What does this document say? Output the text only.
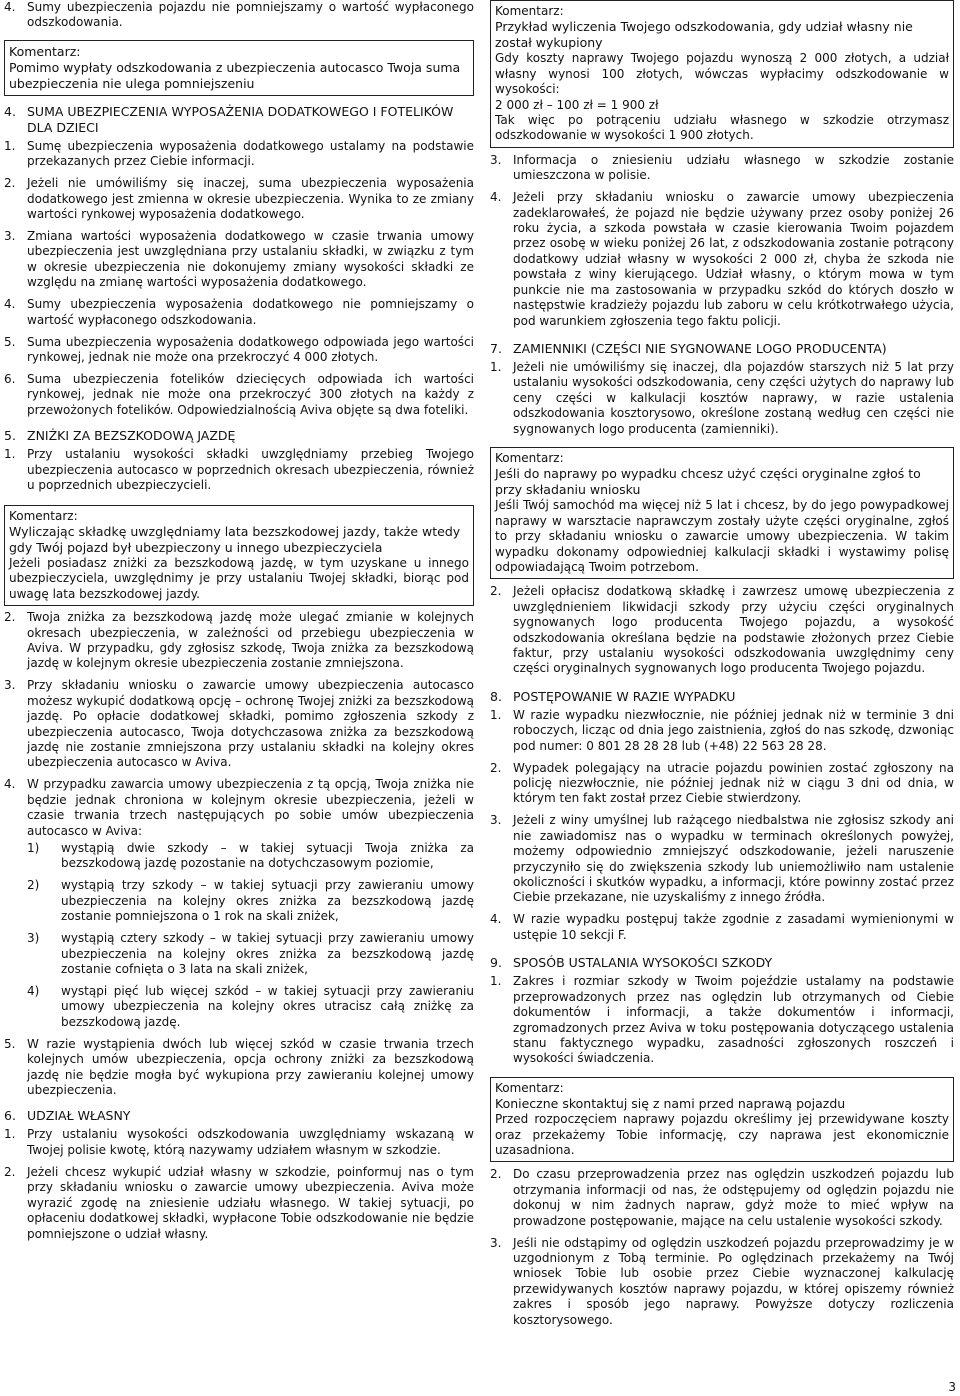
4. Sumy ubezpieczenia pojazdu nie pomniejszamy o wartość wypłaconego odszkodowania.
Komentarz:
Pomimo wypłaty odszkodowania z ubezpieczenia autocasco Twoja suma ubezpieczenia nie ulega pomniejszeniu
4. SUMA UBEZPIECZENIA WYPOSAŻENIA DODATKOWEGO I FOTELIKÓW DLA DZIECI
1. Sumę ubezpieczenia wyposażenia dodatkowego ustalamy na podstawie przekazanych przez Ciebie informacji.
2. Jeżeli nie umówiliśmy się inaczej, suma ubezpieczenia wyposażenia dodatkowego jest zmienna w okresie ubezpieczenia. Wynika to ze zmiany wartości rynkowej wyposażenia dodatkowego.
3. Zmiana wartości wyposażenia dodatkowego w czasie trwania umowy ubezpieczenia jest uwzględniana przy ustalaniu składki, w związku z tym w okresie ubezpieczenia nie dokonujemy zmiany wysokości składki ze względu na zmianę wartości wyposażenia dodatkowego.
4. Sumy ubezpieczenia wyposażenia dodatkowego nie pomniejszamy o wartość wypłaconego odszkodowania.
5. Suma ubezpieczenia wyposażenia dodatkowego odpowiada jego wartości rynkowej, jednak nie może ona przekroczyć 4 000 złotych.
6. Suma ubezpieczenia fotelików dziecięcych odpowiada ich wartości rynkowej, jednak nie może ona przekroczyć 300 złotych na każdy z przewożonych fotelików. Odpowiedzialnością Aviva objęte są dwa foteliki.
5. ZNIŻKI ZA BEZSZKODOWĄ JAZDĘ
1. Przy ustalaniu wysokości składki uwzględniamy przebieg Twojego ubezpieczenia autocasco w poprzednich okresach ubezpieczenia, również u poprzednich ubezpieczycieli.
Komentarz:
Wyliczając składkę uwzględniamy lata bezszkodowej jazdy, także wtedy gdy Twój pojazd był ubezpieczony u innego ubezpieczyciela
Jeżeli posiadasz zniżki za bezszkodową jazdę, w tym uzyskane u innego ubezpieczyciela, uwzględnimy je przy ustalaniu Twojej składki, biorąc pod uwagę lata bezszkodowej jazdy.
2. Twoja zniżka za bezszkodową jazdę może ulegać zmianie w kolejnych okresach ubezpieczenia, w zależności od przebiegu ubezpieczenia w Aviva. W przypadku, gdy zgłosisz szkodę, Twoja zniżka za bezszkodową jazdę w kolejnym okresie ubezpieczenia zostanie zmniejszona.
3. Przy składaniu wniosku o zawarcie umowy ubezpieczenia autocasco możesz wykupić dodatkową opcję – ochronę Twojej zniżki za bezszkodową jazdę. Po opłacie dodatkowej składki, pomimo zgłoszenia szkody z ubezpieczenia autocasco, Twoja dotychczasowa zniżka za bezszkodową jazdę nie zostanie zmniejszona przy ustalaniu składki na kolejny okres ubezpieczenia autocasco w Aviva.
4. W przypadku zawarcia umowy ubezpieczenia z tą opcją, Twoja zniżka nie będzie jednak chroniona w kolejnym okresie ubezpieczenia, jeżeli w czasie trwania trzech następujących po sobie umów ubezpieczenia autocasco w Aviva:
1)	wystąpią dwie szkody – w takiej sytuacji Twoja zniżka za bezszkodową jazdę pozostanie na dotychczasowym poziomie,
2)	wystąpią trzy szkody – w takiej sytuacji przy zawieraniu umowy ubezpieczenia na kolejny okres zniżka za bezszkodową jazdę zostanie pomniejszona o 1 rok na skali zniżek,
3)	wystąpią cztery szkody – w takiej sytuacji przy zawieraniu umowy ubezpieczenia na kolejny okres zniżka za bezszkodową jazdę zostanie cofnięta o 3 lata na skali zniżek,
4)	wystąpi pięć lub więcej szkód – w takiej sytuacji przy zawieraniu umowy ubezpieczenia na kolejny okres utracisz całą zniżkę za bezszkodową jazdę.
5. W razie wystąpienia dwóch lub więcej szkód w czasie trwania trzech kolejnych umów ubezpieczenia, opcja ochrony zniżki za bezszkodową jazdę nie będzie mogła być wykupiona przy zawieraniu kolejnej umowy ubezpieczenia.
6. UDZIAŁ WŁASNY
1. Przy ustalaniu wysokości odszkodowania uwzględniamy wskazaną w Twojej polisie kwotę, którą nazywamy udziałem własnym w szkodzie.
2. Jeżeli chcesz wykupić udział własny w szkodzie, poinformuj nas o tym przy składaniu wniosku o zawarcie umowy ubezpieczenia. Aviva może wyrazić zgodę na zniesienie udziału własnego. W takiej sytuacji, po opłaceniu dodatkowej składki, wypłacone Tobie odszkodowanie nie będzie pomniejszone o udział własny.
Komentarz:
Przykład wyliczenia Twojego odszkodowania, gdy udział własny nie został wykupiony
Gdy koszty naprawy Twojego pojazdu wynoszą 2 000 złotych, a udział własny wynosi 100 złotych, wówczas wypłacimy odszkodowanie w wysokości:
2 000 zł – 100 zł = 1 900 zł
Tak więc po potrąceniu udziału własnego w szkodzie otrzymasz odszkodowanie w wysokości 1 900 złotych.
3. Informacja o zniesieniu udziału własnego w szkodzie zostanie umieszczona w polisie.
4. Jeżeli przy składaniu wniosku o zawarcie umowy ubezpieczenia zadeklarowałeś, że pojazd nie będzie używany przez osoby poniżej 26 roku życia, a szkoda powstała w czasie kierowania Twoim pojazdem przez osobę w wieku poniżej 26 lat, z odszkodowania zostanie potrącony dodatkowy udział własny w wysokości 2 000 zł, chyba że szkoda nie powstała z winy kierującego. Udział własny, o którym mowa w tym punkcie nie ma zastosowania w przypadku szkód do których doszło w następstwie kradzieży pojazdu lub zaboru w celu krótkotrwałego użycia, pod warunkiem zgłoszenia tego faktu policji.
7. ZAMIENNIKI (CZĘŚCI NIE SYGNOWANE LOGO PRODUCENTA)
1. Jeżeli nie umówiliśmy się inaczej, dla pojazdów starszych niż 5 lat przy ustalaniu wysokości odszkodowania, ceny części użytych do naprawy lub ceny części w kalkulacji kosztów naprawy, w razie ustalenia odszkodowania kosztorysowo, określone zostaną według cen części nie sygnowanych logo producenta (zamienniki).
Komentarz:
Jeśli do naprawy po wypadku chcesz użyć części oryginalne zgłoś to przy składaniu wniosku
Jeśli Twój samochód ma więcej niż 5 lat i chcesz, by do jego powypadkowej naprawy w warsztacie naprawczym zostały użyte części oryginalne, zgłoś to przy składaniu wniosku o zawarcie umowy ubezpieczenia. W takim wypadku dokonamy odpowiedniej kalkulacji składki i wystawimy polisę odpowiadającą Twoim potrzebom.
2. Jeżeli opłacisz dodatkową składkę i zawrzesz umowę ubezpieczenia z uwzględnieniem likwidacji szkody przy użyciu części oryginalnych sygnowanych logo producenta Twojego pojazdu, a wysokość odszkodowania określana będzie na podstawie złożonych przez Ciebie faktur, przy ustalaniu wysokości odszkodowania uwzględnimy ceny części oryginalnych sygnowanych logo producenta Twojego pojazdu.
8. POSTĘPOWANIE W RAZIE WYPADKU
1. W razie wypadku niezwłocznie, nie później jednak niż w terminie 3 dni roboczych, licząc od dnia jego zaistnienia, zgłoś do nas szkodę, dzwoniąc pod numer: 0 801 28 28 28 lub (+48) 22 563 28 28.
2. Wypadek polegający na utracie pojazdu powinien zostać zgłoszony na policję niezwłocznie, nie później jednak niż w ciągu 3 dni od dnia, w którym ten fakt został przez Ciebie stwierdzony.
3. Jeżeli z winy umyślnej lub rażącego niedbalstwa nie zgłosisz szkody ani nie zawiadomisz nas o wypadku w terminach określonych powyżej, możemy odpowiednio zmniejszyć odszkodowanie, jeżeli naruszenie przyczyniło się do zwiększenia szkody lub uniemożliwiło nam ustalenie okoliczności i skutków wypadku, a informacji, które powinny zostać przez Ciebie przekazane, nie uzyskaliśmy z innego źródła.
4. W razie wypadku postępuj także zgodnie z zasadami wymienionymi w ustępie 10 sekcji F.
9. SPOSÓB USTALANIA WYSOKOŚCI SZKODY
1. Zakres i rozmiar szkody w Twoim pojeździe ustalamy na podstawie przeprowadzonych przez nas oględzin lub otrzymanych od Ciebie dokumentów i informacji, a także dokumentów i informacji, zgromadzonych przez Aviva w toku postępowania dotyczącego ustalenia stanu faktycznego wypadku, zasadności zgłoszonych roszczeń i wysokości świadczenia.
Komentarz:
Konieczne skontaktuj się z nami przed naprawą pojazdu
Przed rozpoczęciem naprawy pojazdu określimy jej przewidywane koszty oraz przekażemy Tobie informację, czy naprawa jest ekonomicznie uzasadniona.
2. Do czasu przeprowadzenia przez nas oględzin uszkodzeń pojazdu lub otrzymania informacji od nas, że odstępujemy od oględzin pojazdu nie dokonuj w nim żadnych napraw, gdyż może to mieć wpływ na prowadzone postępowanie, mające na celu ustalenie wysokości szkody.
3. Jeśli nie odstąpimy od oględzin uszkodzeń pojazdu przeprowadzimy je w uzgodnionym z Tobą terminie. Po oględzinach przekażemy na Twój wniosek Tobie lub osobie przez Ciebie wyznaczonej kalkulację przewidywanych kosztów naprawy pojazdu, w której opiszemy również zakres i sposób jego naprawy. Powyższe dotyczy rozliczenia kosztorysowego.
3
